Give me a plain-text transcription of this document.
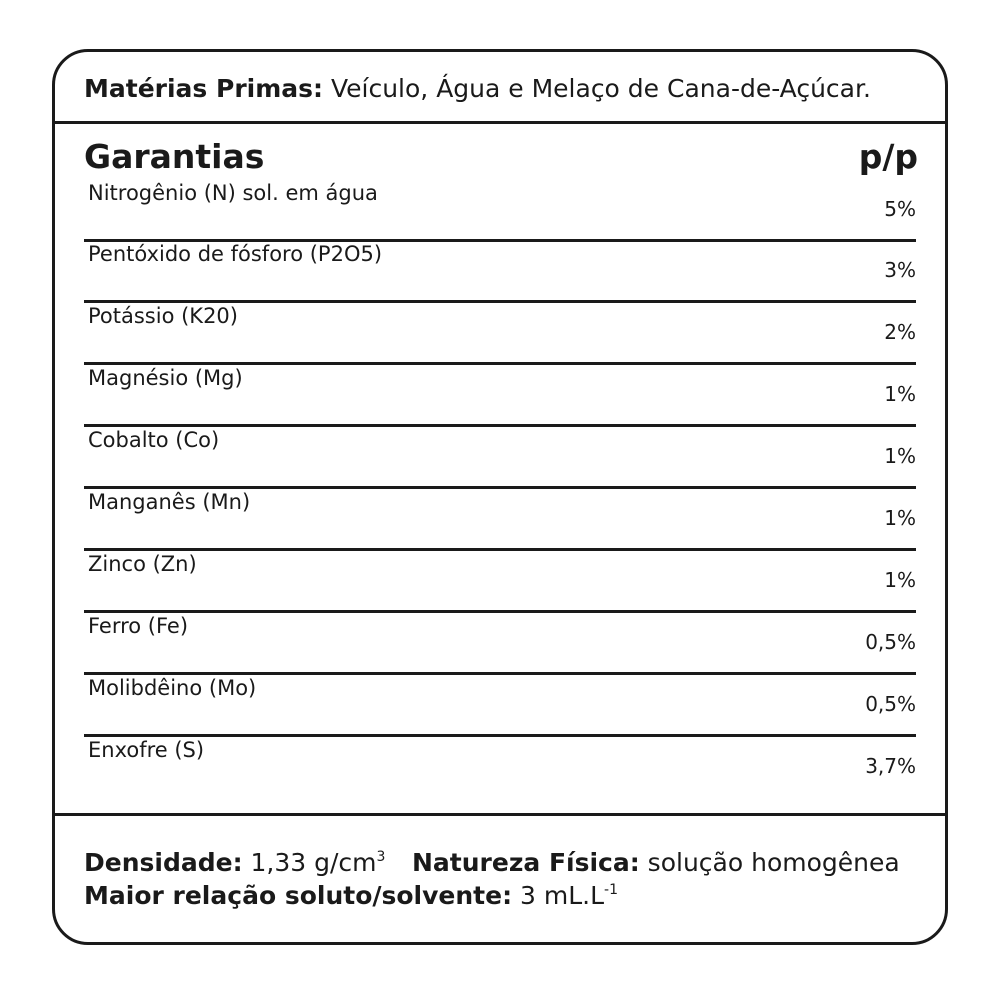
Matérias Primas: Veículo, Água e Melaço de Cana-de-Açúcar.
Garantias	p/p
Nitrogênio (N) sol. em água
5%
Pentóxido de fósforo (P2O5)
3%
Potássio (K20)
2%
Magnésio (Mg)
1%
Cobalto (Co)
1%
Manganês (Mn)
1%
Zinco (Zn)
1%
Ferro (Fe)
0,5%
Molibdêino (Mo)
0,5%
Enxofre (S)
3,7%
Densidade: 1,33 $g/cm^3$ Natureza Física: solução homogênea
Maior relação soluto/solvente: 3 $mL.L^{-1}$
